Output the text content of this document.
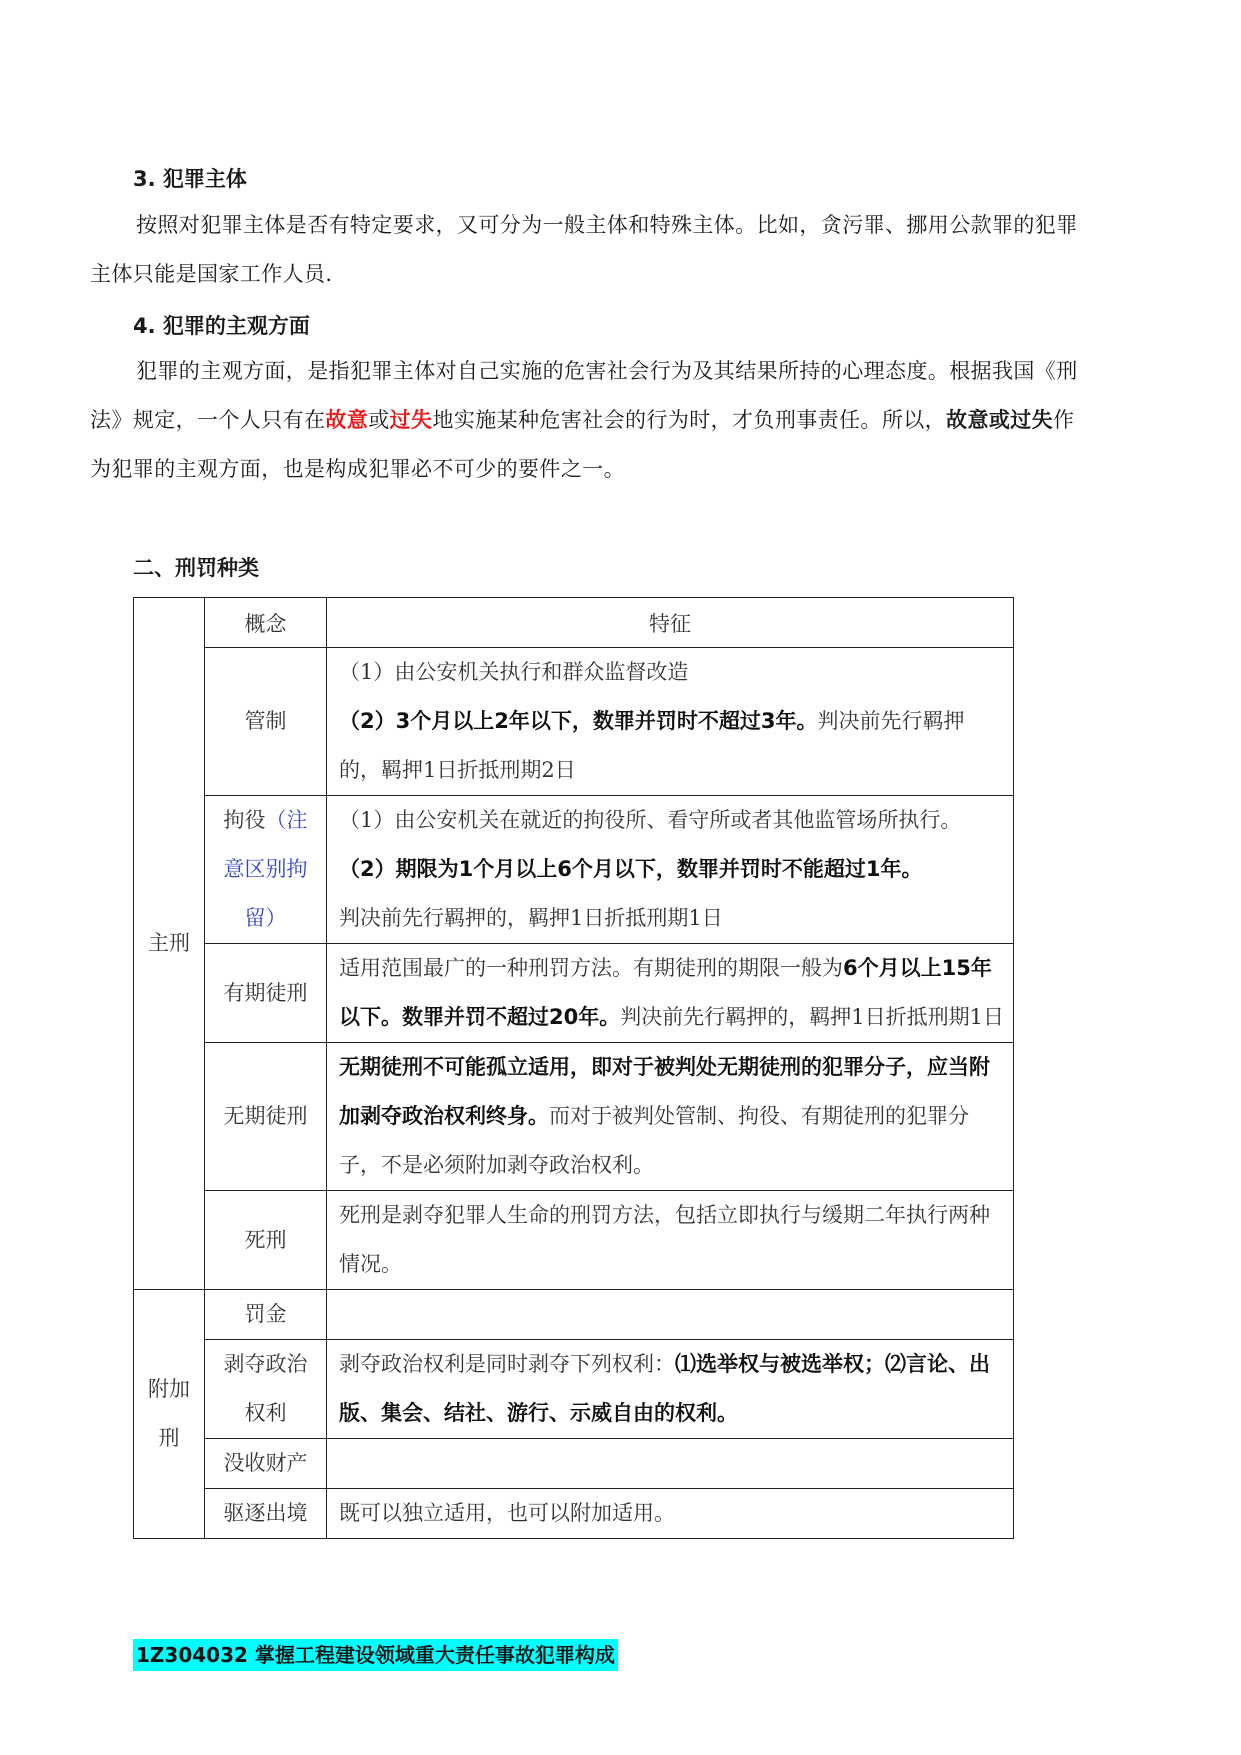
3. 犯罪主体
按照对犯罪主体是否有特定要求，又可分为一般主体和特殊主体。比如，贪污罪、挪用公款罪的犯罪主体只能是国家工作人员.
4. 犯罪的主观方面
犯罪的主观方面，是指犯罪主体对自己实施的危害社会行为及其结果所持的心理态度。根据我国《刑法》规定，一个人只有在故意或过失地实施某种危害社会的行为时，才负刑事责任。所以，故意或过失作为犯罪的主观方面，也是构成犯罪必不可少的要件之一。
二、刑罚种类
主刑	概念	特征
	管制	（1）由公安机关执行和群众监督改造
（2）3个月以上2年以下，数罪并罚时不超过3年。判决前先行羁押的，羁押1日折抵刑期2日
	拘役（注意区别拘留）	（1）由公安机关在就近的拘役所、看守所或者其他监管场所执行。
（2）期限为1个月以上6个月以下，数罪并罚时不能超过1年。
判决前先行羁押的，羁押1日折抵刑期1日
	有期徒刑	适用范围最广的一种刑罚方法。有期徒刑的期限一般为6个月以上15年以下。数罪并罚不超过20年。判决前先行羁押的，羁押1日折抵刑期1日
	无期徒刑	无期徒刑不可能孤立适用，即对于被判处无期徒刑的犯罪分子，应当附加剥夺政治权利终身。而对于被判处管制、拘役、有期徒刑的犯罪分子，不是必须附加剥夺政治权利。
	死刑	死刑是剥夺犯罪人生命的刑罚方法，包括立即执行与缓期二年执行两种情况。
附加刑	罚金	
	剥夺政治权利	剥夺政治权利是同时剥夺下列权利：⑴选举权与被选举权；⑵言论、出版、集会、结社、游行、示威自由的权利。
	没收财产	
	驱逐出境	既可以独立适用，也可以附加适用。
1Z304032 掌握工程建设领域重大责任事故犯罪构成
